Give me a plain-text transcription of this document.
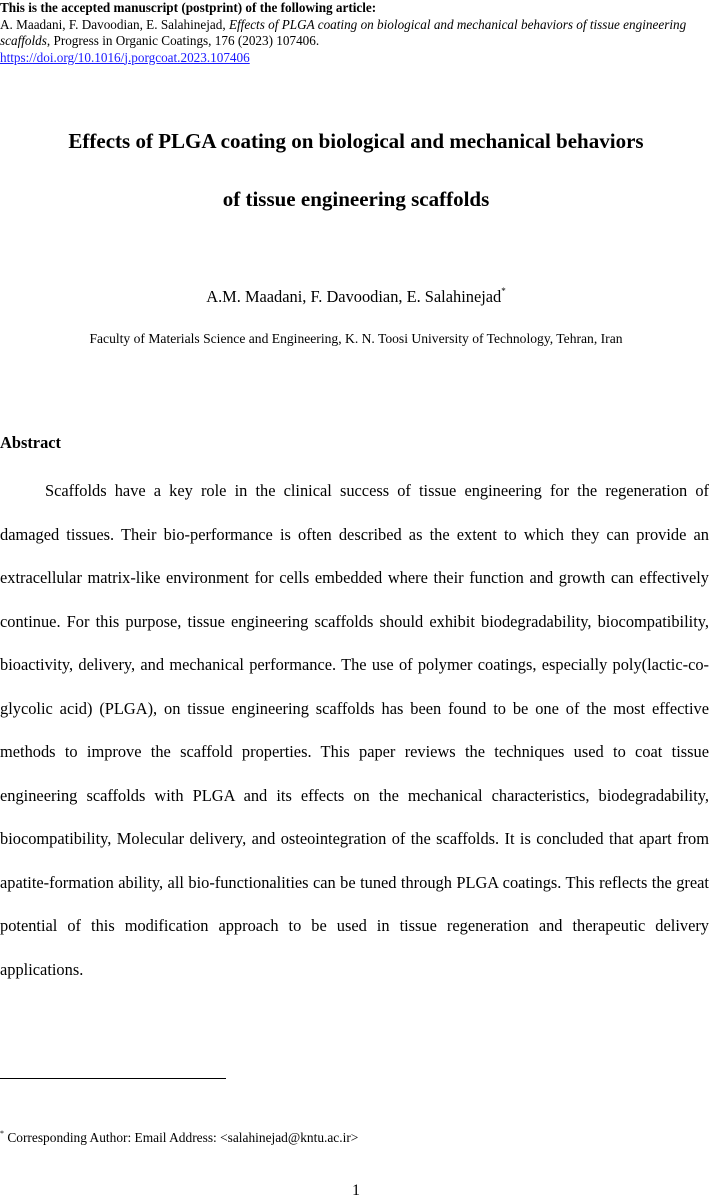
This is the accepted manuscript (postprint) of the following article:
A. Maadani, F. Davoodian, E. Salahinejad, Effects of PLGA coating on biological and mechanical behaviors of tissue engineering scaffolds, Progress in Organic Coatings, 176 (2023) 107406.
https://doi.org/10.1016/j.porgcoat.2023.107406
Effects of PLGA coating on biological and mechanical behaviors
of tissue engineering scaffolds
A.M. Maadani, F. Davoodian, E. Salahinejad*
Faculty of Materials Science and Engineering, K. N. Toosi University of Technology, Tehran, Iran
Abstract

Scaffolds have a key role in the clinical success of tissue engineering for the regeneration of damaged tissues. Their bio-performance is often described as the extent to which they can provide an extracellular matrix-like environment for cells embedded where their function and growth can effectively continue. For this purpose, tissue engineering scaffolds should exhibit biodegradability, biocompatibility, bioactivity, delivery, and mechanical performance. The use of polymer coatings, especially poly(lactic-co-glycolic acid) (PLGA), on tissue engineering scaffolds has been found to be one of the most effective methods to improve the scaffold properties. This paper reviews the techniques used to coat tissue engineering scaffolds with PLGA and its effects on the mechanical characteristics, biodegradability, biocompatibility, Molecular delivery, and osteointegration of the scaffolds. It is concluded that apart from apatite-formation ability, all bio-functionalities can be tuned through PLGA coatings. This reflects the great potential of this modification approach to be used in tissue regeneration and therapeutic delivery applications.

* Corresponding Author: Email Address: <salahinejad@kntu.ac.ir>
1
